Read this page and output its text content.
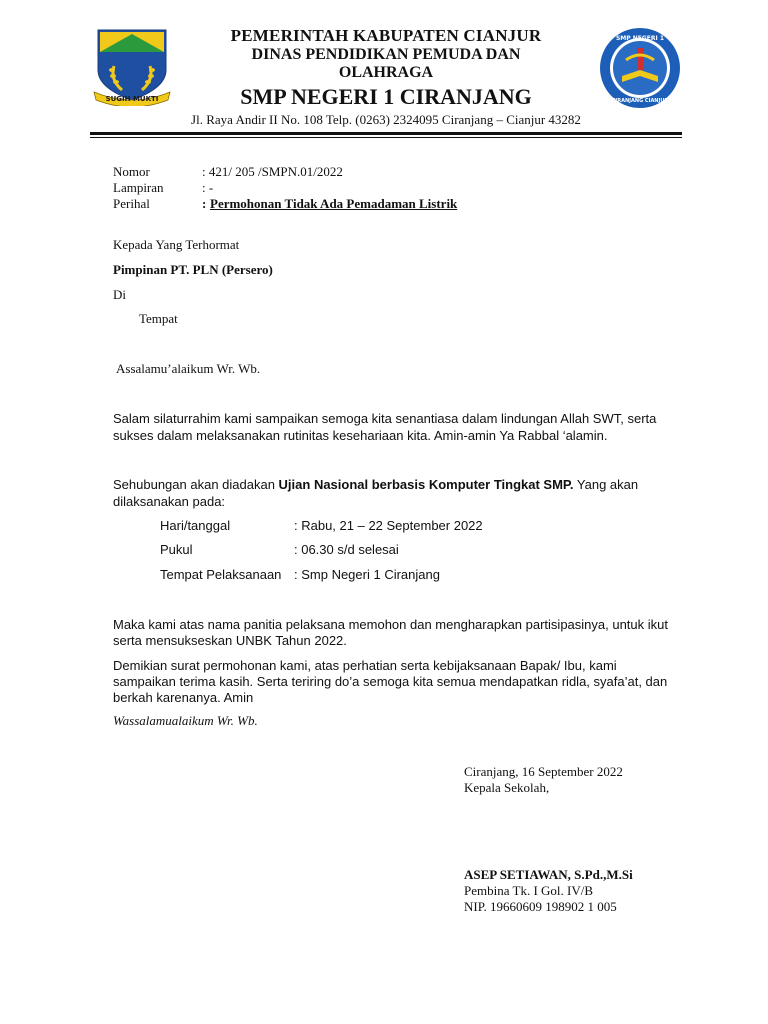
SUGIH MUKTI
PEMERINTAH KABUPATEN CIANJUR
DINAS PENDIDIKAN PEMUDA DAN
OLAHRAGA
SMP NEGERI 1 CIRANJANG
Jl. Raya Andir II No. 108 Telp. (0263) 2324095 Ciranjang – Cianjur 43282
SMP NEGERI 1
CIRANJANG CIANJUR
Nomor	: 421/ 205 /SMPN.01/2022
Lampiran	: -
Perihal	: Permohonan Tidak Ada Pemadaman Listrik
Kepada Yang Terhormat
Pimpinan PT. PLN (Persero)
Di
Tempat
Assalamu’alaikum Wr. Wb.
Salam silaturrahim kami sampaikan semoga kita senantiasa dalam lindungan Allah SWT, serta
sukses dalam melaksanakan rutinitas kesehariaan kita. Amin-amin Ya Rabbal ‘alamin.
Sehubungan akan diadakan Ujian Nasional berbasis Komputer Tingkat SMP. Yang akan
dilaksanakan pada:
Hari/tanggal	: Rabu, 21 – 22 September 2022
Pukul	: 06.30 s/d selesai
Tempat Pelaksanaan : Smp Negeri 1 Ciranjang
Maka kami atas nama panitia pelaksana memohon dan mengharapkan partisipasinya, untuk ikut
serta mensukseskan UNBK Tahun 2022.
Demikian surat permohonan kami, atas perhatian serta kebijaksanaan Bapak/ Ibu, kami
sampaikan terima kasih. Serta teriring do’a semoga kita semua mendapatkan ridla, syafa’at, dan
berkah karenanya. Amin
Wassalamualaikum Wr. Wb.
Ciranjang, 16 September 2022
Kepala Sekolah,
ASEP SETIAWAN, S.Pd.,M.Si
Pembina Tk. I Gol. IV/B
NIP. 19660609 198902 1 005
